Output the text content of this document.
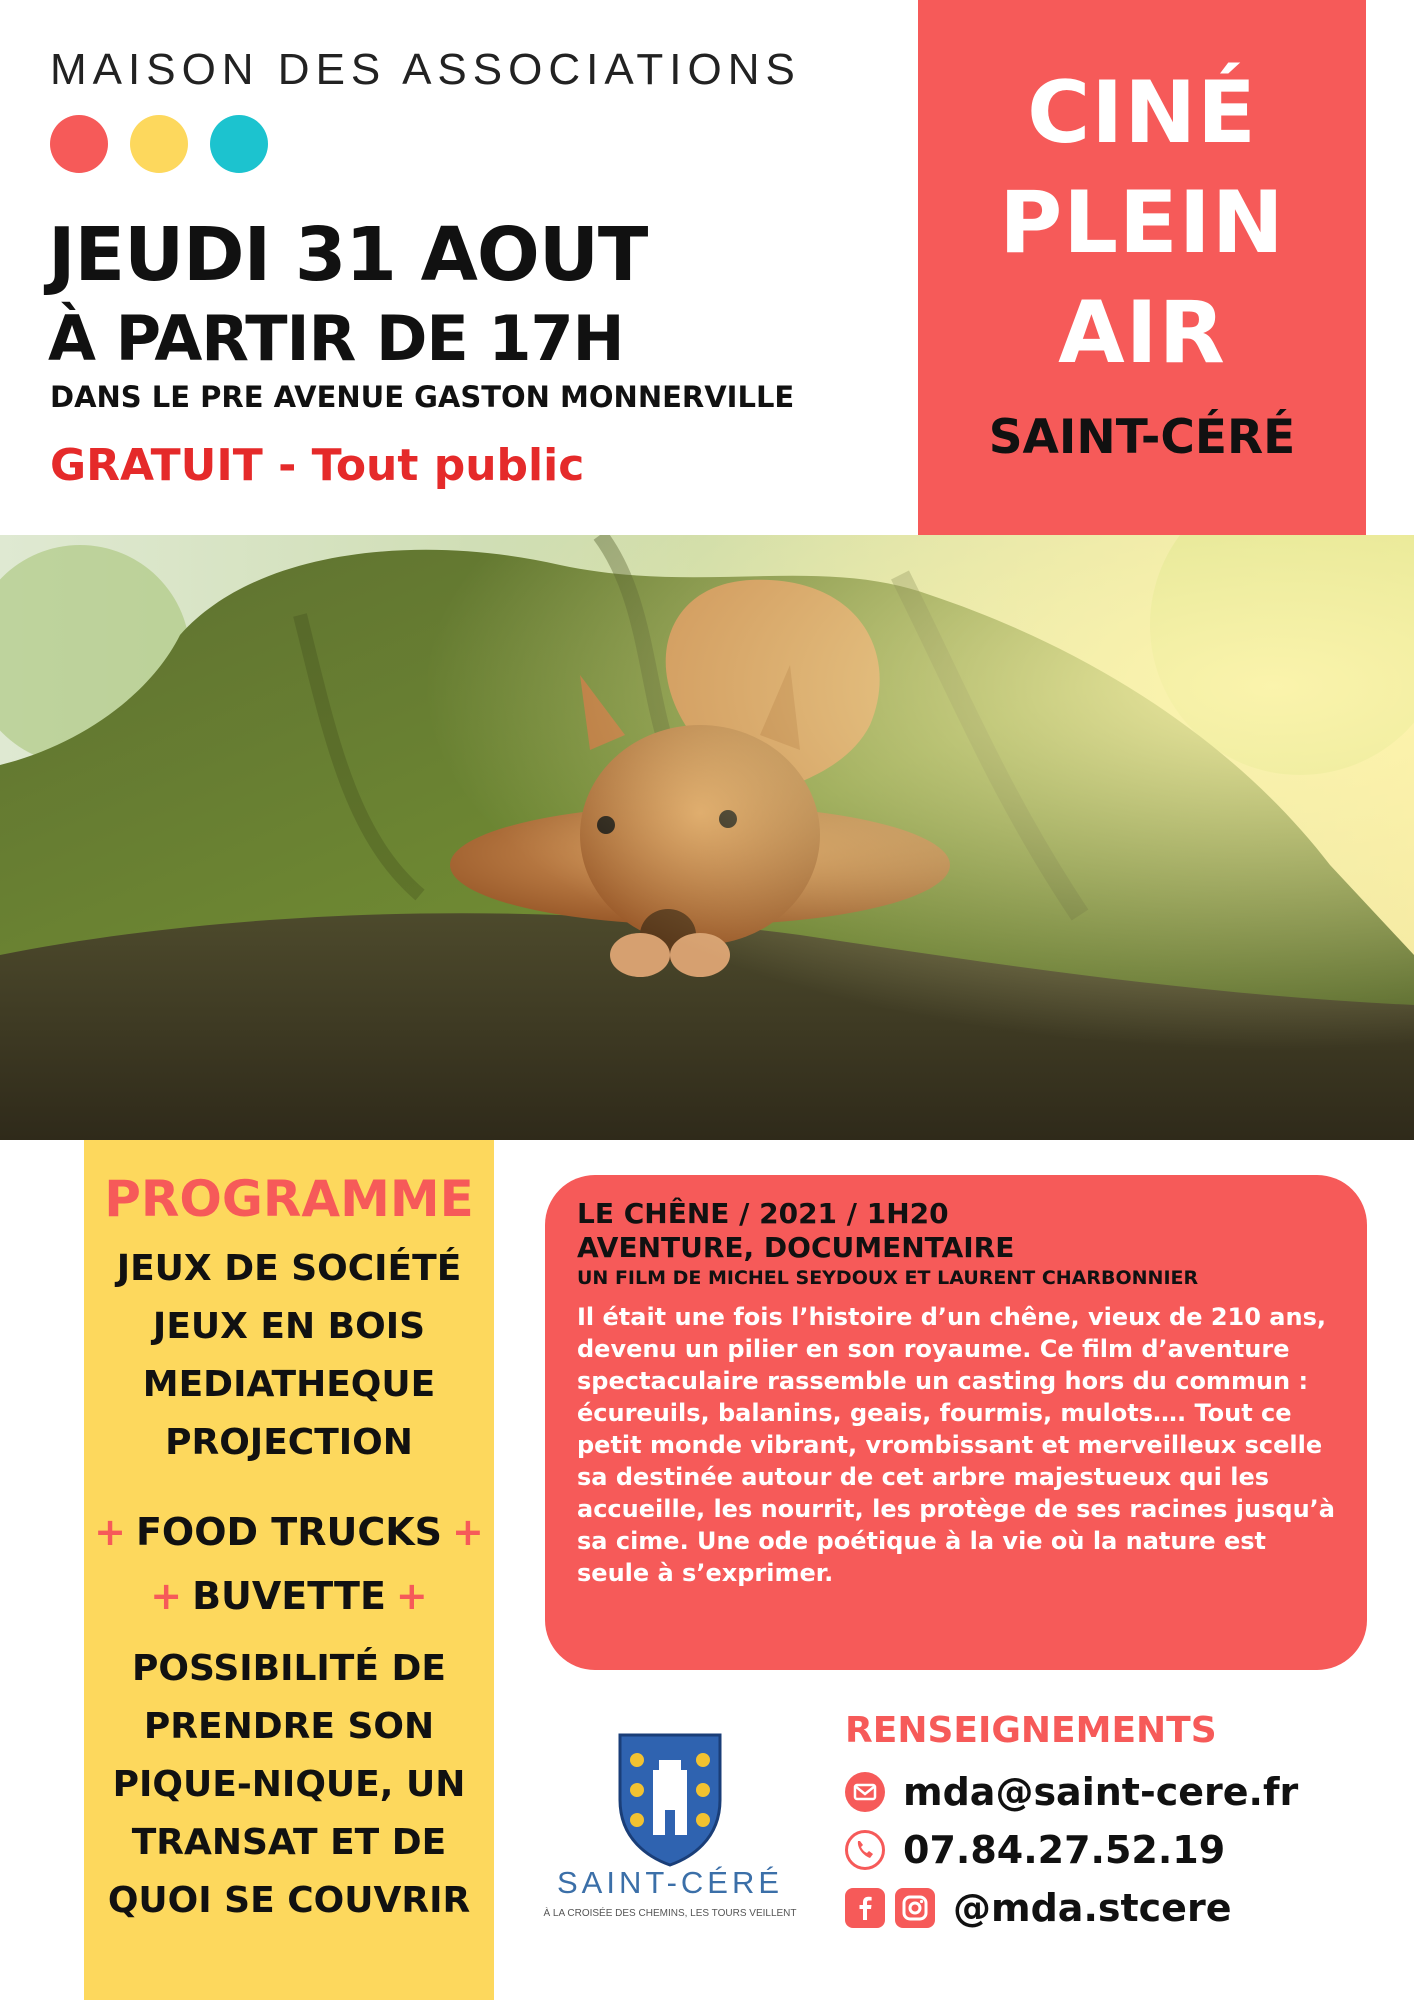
MAISON DES ASSOCIATIONS
JEUDI 31 AOUT
À PARTIR DE 17H
DANS LE PRE AVENUE GASTON MONNERVILLE
GRATUIT - Tout public
CINÉ
PLEIN
AIR
SAINT-CÉRÉ
PROGRAMME
JEUX DE SOCIÉTÉ
JEUX EN BOIS
MEDIATHEQUE
PROJECTION
+ FOOD TRUCKS +
+ BUVETTE +
POSSIBILITÉ DE
PRENDRE SON
PIQUE-NIQUE, UN
TRANSAT ET DE
QUOI SE COUVRIR
LE CHÊNE / 2021 / 1H20
AVENTURE, DOCUMENTAIRE
UN FILM DE MICHEL SEYDOUX ET LAURENT CHARBONNIER
Il était une fois l’histoire d’un chêne, vieux de 210 ans, devenu un pilier en son royaume. Ce film d’aventure spectaculaire rassemble un casting hors du commun : écureuils, balanins, geais, fourmis, mulots…. Tout ce petit monde vibrant, vrombissant et merveilleux scelle sa destinée autour de cet arbre majestueux qui les accueille, les nourrit, les protège de ses racines jusqu’à sa cime. Une ode poétique à la vie où la nature est seule à s’exprimer.
SAINT-CÉRÉ
À LA CROISÉE DES CHEMINS, LES TOURS VEILLENT
RENSEIGNEMENTS
mda@saint-cere.fr
07.84.27.52.19
@mda.stcere
